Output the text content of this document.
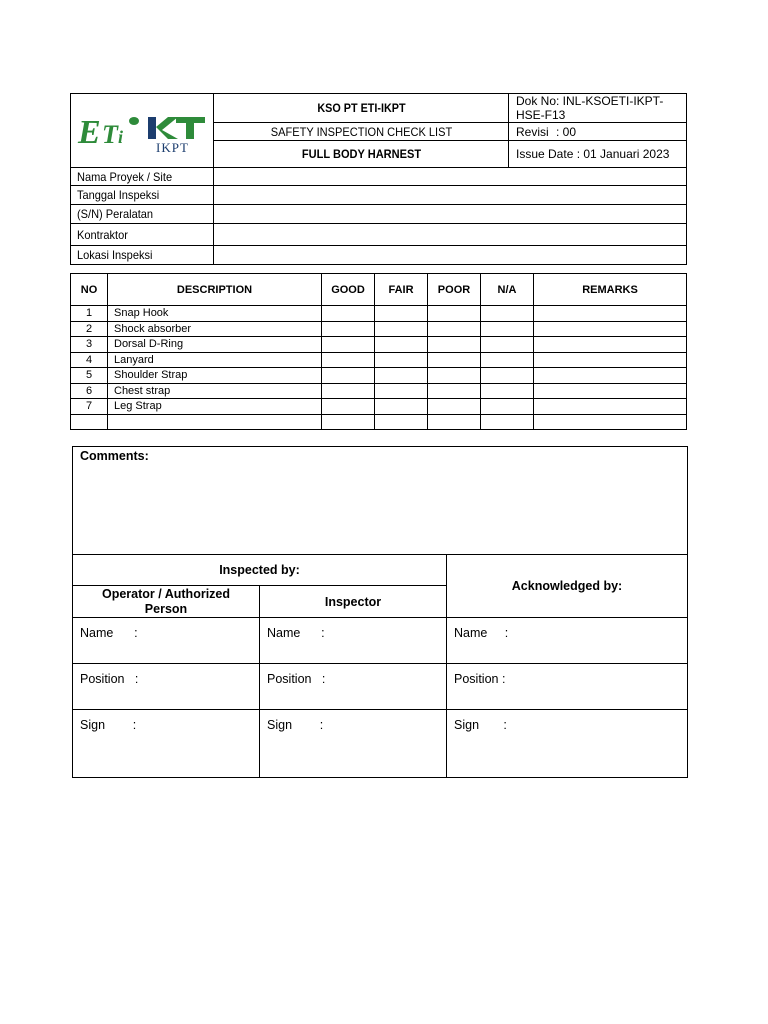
E T i
IKPT	KSO PT ETI-IKPT	Dok No: INL-KSOETI-IKPT-HSE-F13
	SAFETY INSPECTION CHECK LIST	Revisi : 00
	FULL BODY HARNEST	Issue Date : 01 Januari 2023
Nama Proyek / Site		
Tanggal Inspeksi		
(S/N) Peralatan		
Kontraktor		
Lokasi Inspeksi		
NO	DESCRIPTION	GOOD	FAIR	POOR	N/A	REMARKS
1	Snap Hook					
2	Shock absorber					
3	Dorsal D-Ring					
4	Lanyard					
5	Shoulder Strap					
6	Chest strap					
7	Leg Strap					

Comments:		
Inspected by:		Acknowledged by:
Operator / Authorized
Person	Inspector	
Name      :	Name      :	Name     :
Position   :	Position   :	Position :
Sign        :	Sign        :	Sign       :
